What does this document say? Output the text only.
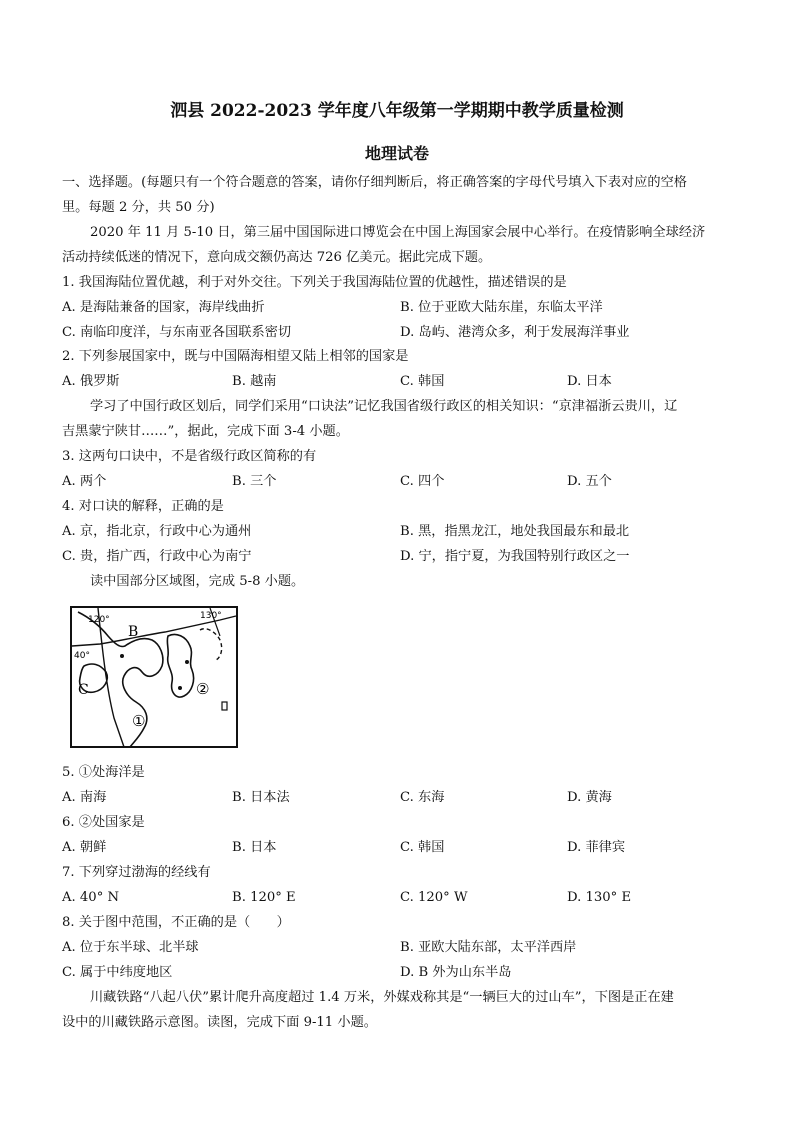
泗县 2022-2023 学年度八年级第一学期期中教学质量检测
地理试卷
一、选择题。(每题只有一个符合题意的答案，请你仔细判断后，将正确答案的字母代号填入下表对应的空格
里。每题 2 分，共 50 分)
2020 年 11 月 5-10 日，第三届中国国际进口博览会在中国上海国家会展中心举行。在疫情影响全球经济
活动持续低迷的情况下，意向成交额仍高达 726 亿美元。据此完成下题。
1. 我国海陆位置优越，利于对外交往。下列关于我国海陆位置的优越性，描述错误的是
A. 是海陆兼备的国家，海岸线曲折	B. 位于亚欧大陆东崖，东临太平洋
C. 南临印度洋，与东南亚各国联系密切	D. 岛屿、港湾众多，利于发展海洋事业
2. 下列参展国家中，既与中国隔海相望又陆上相邻的国家是
A. 俄罗斯	B. 越南	C. 韩国	D. 日本
学习了中国行政区划后，同学们采用“口诀法”记忆我国省级行政区的相关知识：“京津福浙云贵川，辽
吉黑蒙宁陕甘……”，据此，完成下面 3-4 小题。
3. 这两句口诀中，不是省级行政区简称的有
A. 两个	B. 三个	C. 四个	D. 五个
4. 对口诀的解释，正确的是
A. 京，指北京，行政中心为通州	B. 黑，指黑龙江，地处我国最东和最北
C. 贵，指广西，行政中心为南宁	D. 宁，指宁夏，为我国特别行政区之一
读中国部分区域图，完成 5-8 小题。
120°	130°
40°
B
C
①
②
5. ①处海洋是
A. 南海	B. 日本法	C. 东海	D. 黄海
6. ②处国家是
A. 朝鲜	B. 日本	C. 韩国	D. 菲律宾
7. 下列穿过渤海的经线有
A. 40° N	B. 120° E	C. 120° W	D. 130° E
8. 关于图中范围，不正确的是（　　）
A. 位于东半球、北半球	B. 亚欧大陆东部，太平洋西岸
C. 属于中纬度地区	D. B 外为山东半岛
川藏铁路“八起八伏”累计爬升高度超过 1.4 万米，外媒戏称其是“一辆巨大的过山车”，下图是正在建
设中的川藏铁路示意图。读图，完成下面 9-11 小题。
